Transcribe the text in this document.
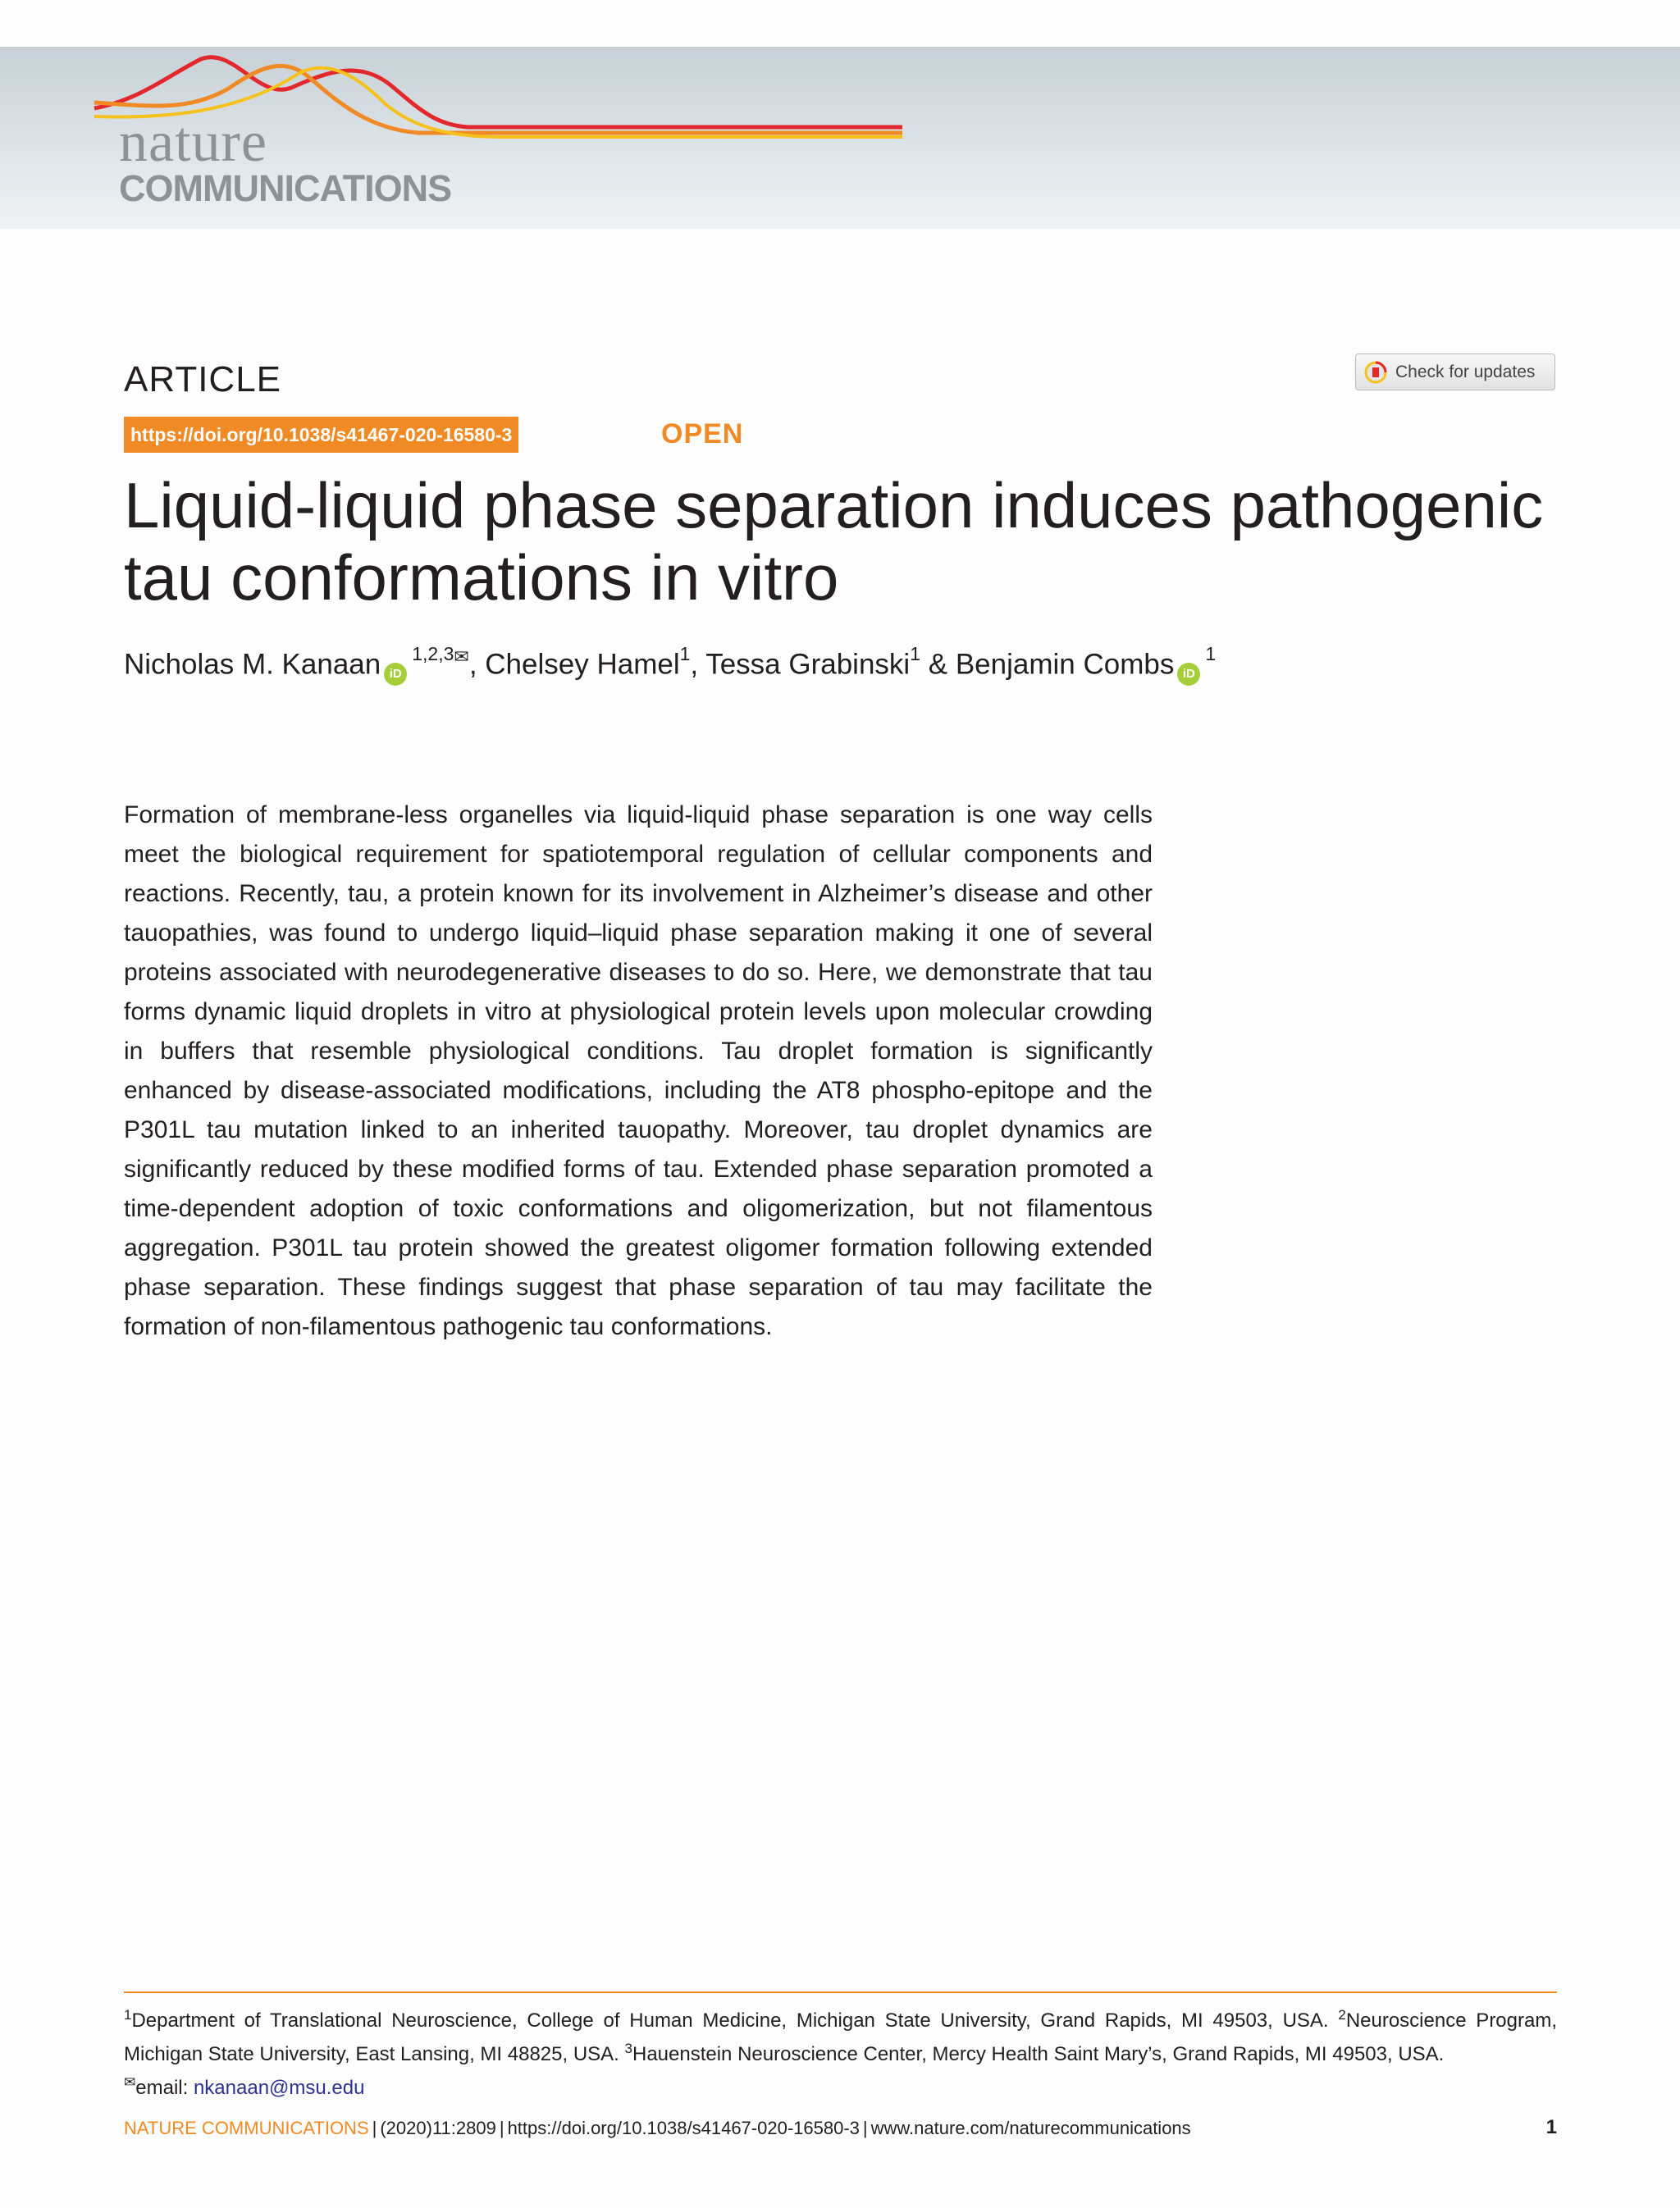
nature
COMMUNICATIONS
ARTICLE	Check for updates
https://doi.org/10.1038/s41467-020-16580-3	OPEN
Liquid-liquid phase separation induces pathogenic tau conformations in vitro
Nicholas M. Kanaan $iD^{1,2,3✉}$, Chelsey Hamel$^1$, Tessa Grabinski$^1$ & Benjamin Combs $iD^1$

Formation of membrane-less organelles via liquid-liquid phase separation is one way cells meet the biological requirement for spatiotemporal regulation of cellular components and reactions. Recently, tau, a protein known for its involvement in Alzheimer’s disease and other tauopathies, was found to undergo liquid–liquid phase separation making it one of several proteins associated with neurodegenerative diseases to do so. Here, we demonstrate that tau forms dynamic liquid droplets in vitro at physiological protein levels upon molecular crowding in buffers that resemble physiological conditions. Tau droplet formation is significantly enhanced by disease-associated modifications, including the AT8 phospho-epitope and the P301L tau mutation linked to an inherited tauopathy. Moreover, tau droplet dynamics are significantly reduced by these modified forms of tau. Extended phase separation promoted a time-dependent adoption of toxic conformations and oligomerization, but not filamentous aggregation. P301L tau protein showed the greatest oligomer formation following extended phase separation. These findings suggest that phase separation of tau may facilitate the formation of non-filamentous pathogenic tau conformations.

$^1$Department of Translational Neuroscience, College of Human Medicine, Michigan State University, Grand Rapids, MI 49503, USA. $^2$Neuroscience Program, Michigan State University, East Lansing, MI 48825, USA. $^3$Hauenstein Neuroscience Center, Mercy Health Saint Mary’s, Grand Rapids, MI 49503, USA.
✉email: nkanaan@msu.edu

NATURE COMMUNICATIONS | (2020)11:2809 | https://doi.org/10.1038/s41467-020-16580-3 | www.nature.com/naturecommunications	1
